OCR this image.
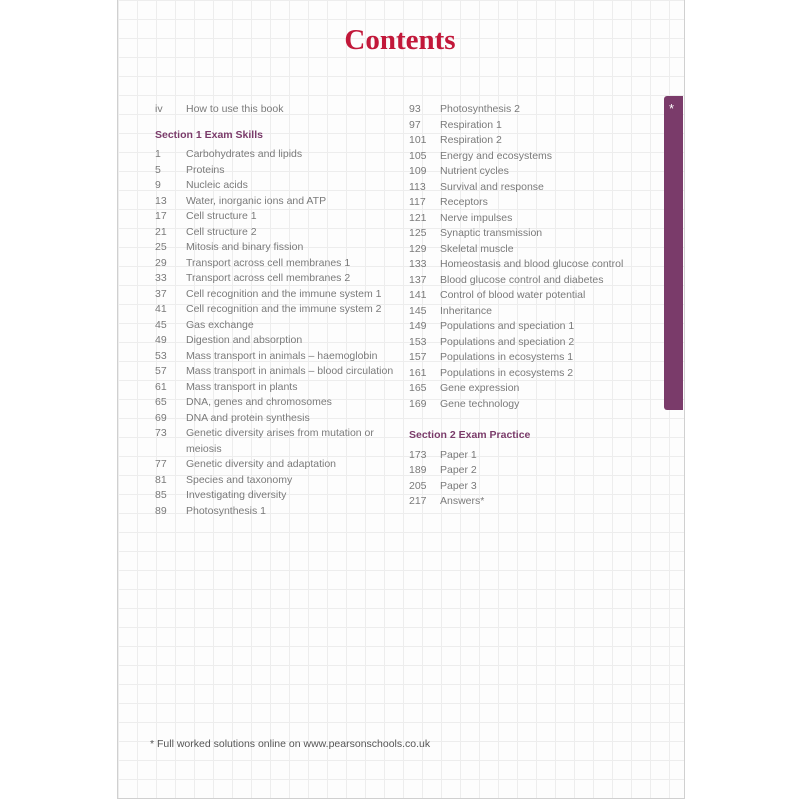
*
Contents
iv	How to use this book
Section 1 Exam Skills
1	Carbohydrates and lipids
5	Proteins
9	Nucleic acids
13	Water, inorganic ions and ATP
17	Cell structure 1
21	Cell structure 2
25	Mitosis and binary fission
29	Transport across cell membranes 1
33	Transport across cell membranes 2
37	Cell recognition and the immune system 1
41	Cell recognition and the immune system 2
45	Gas exchange
49	Digestion and absorption
53	Mass transport in animals – haemoglobin
57	Mass transport in animals – blood circulation
61	Mass transport in plants
65	DNA, genes and chromosomes
69	DNA and protein synthesis
73	Genetic diversity arises from mutation or meiosis
77	Genetic diversity and adaptation
81	Species and taxonomy
85	Investigating diversity
89	Photosynthesis 1
93	Photosynthesis 2
97	Respiration 1
101	Respiration 2
105	Energy and ecosystems
109	Nutrient cycles
113	Survival and response
117	Receptors
121	Nerve impulses
125	Synaptic transmission
129	Skeletal muscle
133	Homeostasis and blood glucose control
137	Blood glucose control and diabetes
141	Control of blood water potential
145	Inheritance
149	Populations and speciation 1
153	Populations and speciation 2
157	Populations in ecosystems 1
161	Populations in ecosystems 2
165	Gene expression
169	Gene technology
Section 2 Exam Practice
173	Paper 1
189	Paper 2
205	Paper 3
217	Answers*
* Full worked solutions online on www.pearsonschools.co.uk
